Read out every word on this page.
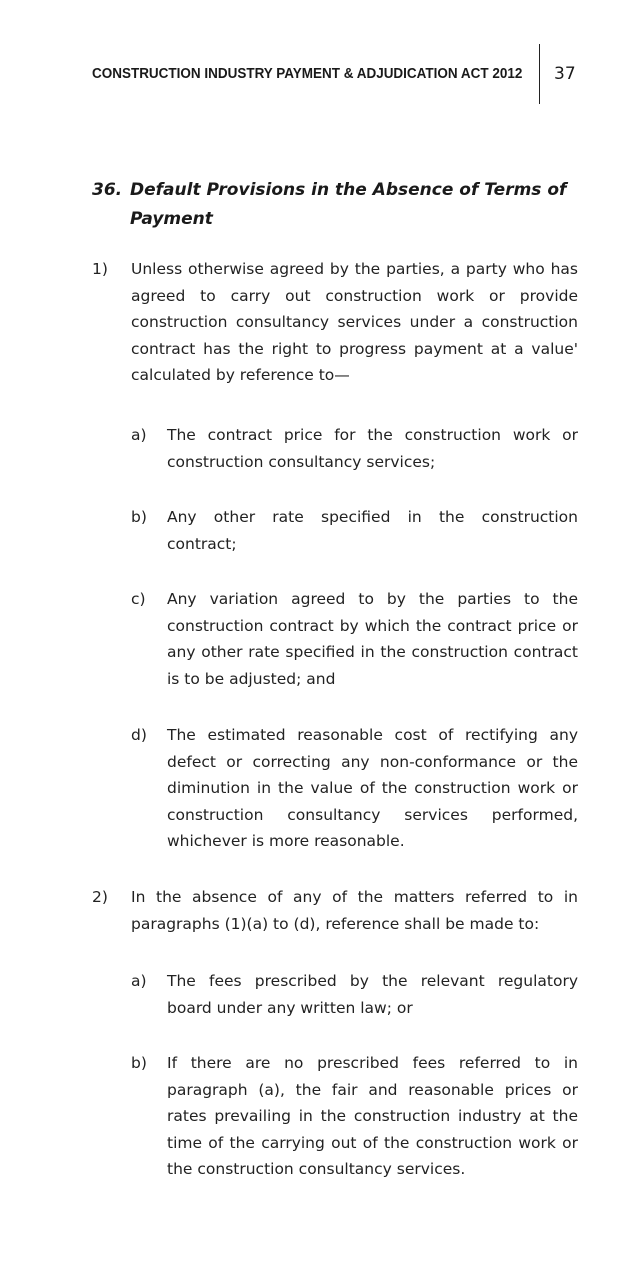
CONSTRUCTION INDUSTRY PAYMENT & ADJUDICATION ACT 2012 37
36. Default Provisions in the Absence of Terms of Payment
1) Unless otherwise agreed by the parties, a party who has agreed to carry out construction work or provide construction consultancy services under a construction contract has the right to progress payment at a value' calculated by reference to—
a) The contract price for the construction work or construction consultancy services;
b) Any other rate specified in the construction contract;
c) Any variation agreed to by the parties to the construction contract by which the contract price or any other rate specified in the construction contract is to be adjusted; and
d) The estimated reasonable cost of rectifying any defect or correcting any non-conformance or the diminution in the value of the construction work or construction consultancy services performed, whichever is more reasonable.
2) In the absence of any of the matters referred to in paragraphs (1)(a) to (d), reference shall be made to:
a) The fees prescribed by the relevant regulatory board under any written law; or
b) If there are no prescribed fees referred to in paragraph (a), the fair and reasonable prices or rates prevailing in the construction industry at the time of the carrying out of the construction work or the construction consultancy services.
